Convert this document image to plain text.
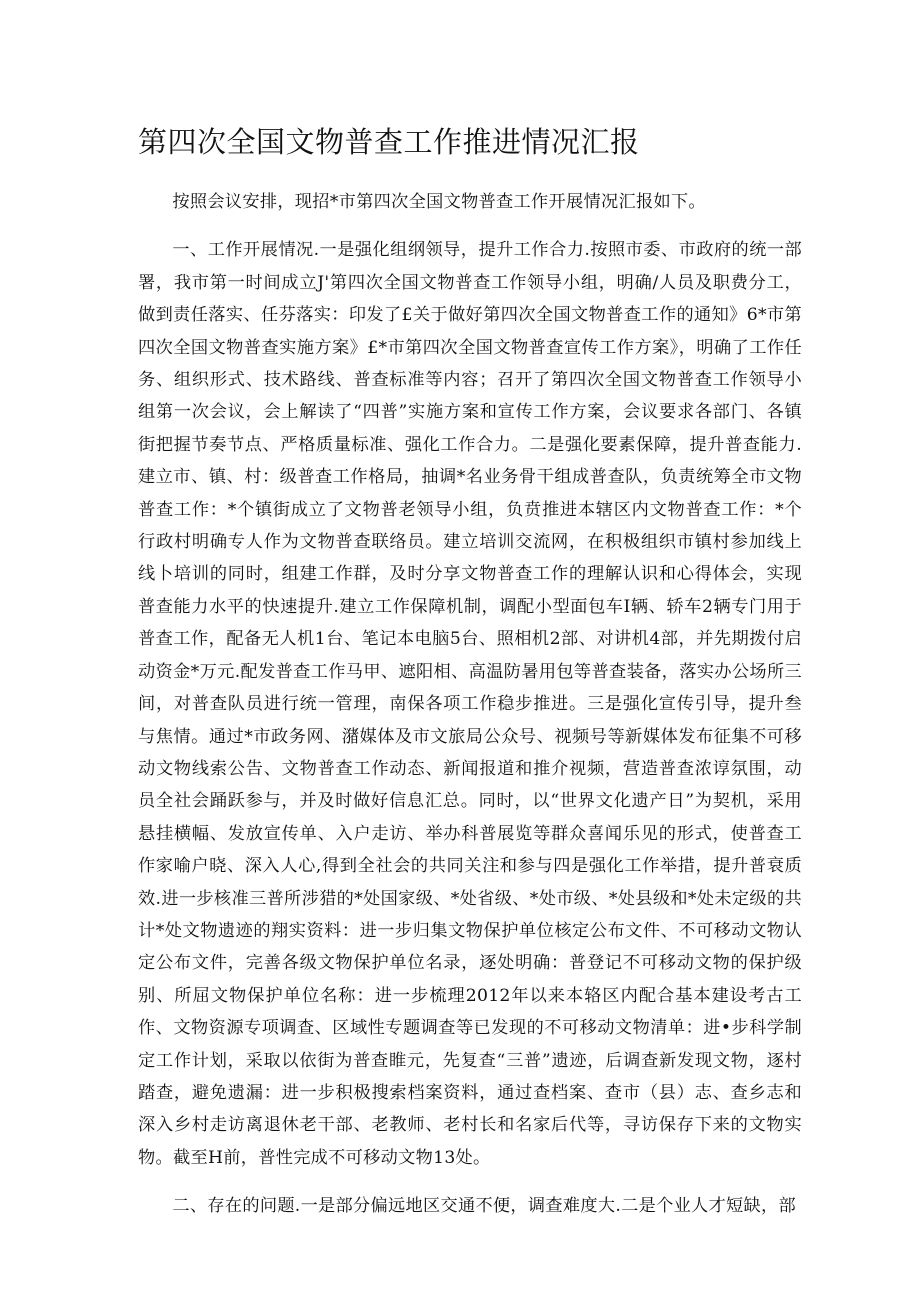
第四次全国文物普查工作推进情况汇报

按照会议安排，现招*市第四次全国文物普查工作开展情况汇报如下。

一、工作开展情况.一是强化组纲领导，提升工作合力.按照市委、市政府的统一部署，我市第一时间成立J'第四次全国文物普查工作领导小组，明确/人员及职费分工，做到责任落实、任芬落实：印发了£关于做好第四次全国文物普查工作的通知》6*市第四次全国文物普查实施方案》£*市第四次全国文物普查宣传工作方案》，明确了工作任务、组织形式、技术路线、普查标准等内容；召开了第四次全国文物普查工作领导小组第一次会议，会上解读了“四普”实施方案和宣传工作方案，会议要求各部门、各镇街把握节奏节点、严格质量标准、强化工作合力。二是强化要素保障，提升普查能力.建立市、镇、村：级普查工作格局，抽调*名业务骨干组成普查队，负责统筹全市文物普查工作：*个镇街成立了文物普老领导小组，负贲推进本辖区内文物普查工作：*个行政村明确专人作为文物普查联络员。建立培训交流网，在积极组织市镇村参加线上线卜培训的同时，组建工作群，及时分享文物普查工作的理解认识和心得体会，实现普查能力水平的快速提升.建立工作保障机制，调配小型面包车I辆、轿车2辆专门用于普查工作，配备无人机1台、笔记本电脑5台、照相机2部、对讲机4部，并先期拨付启动资金*万元.配发普查工作马甲、遮阳相、高温防暑用包等普查装备，落实办公场所三间，对普查队员进行统一管理，南保各项工作稳步推进。三是强化宣传引导，提升叁与焦情。通过*市政务网、潴媒体及市文旅局公众号、视频号等新媒体发布征集不可移动文物线索公告、文物普查工作动态、新闻报道和推介视频，营造普查浓谆氛围，动员全社会踊跃参与，并及时做好信息汇总。同时，以“世界文化遗产日”为契机，采用悬挂横幅、发放宣传单、入户走访、举办科普展览等群众喜闻乐见的形式，使普查工作家喻户晓、深入人心,得到全社会的共同关注和参与四是强化工作举措，提升普衰质效.进一步核准三普所涉猎的*处国家级、*处省级、*处市级、*处县级和*处未定级的共计*处文物遗迹的翔实资料：进一步归集文物保护单位核定公布文件、不可移动文物认定公布文件，完善各级文物保护单位名录，逐处明确：普登记不可移动文物的保护级别、所屈文物保护单位名称：进一步梳理2012年以来本辂区内配合基本建设考古工作、文物资源专项调查、区域性专题调查等已发现的不可移动文物清单：进•步科学制定工作计划，采取以依街为普查睢元，先复查“三普”遗迹，后调查新发现文物，逐村踏查，避免遗漏：进一步积极搜索档案资料，通过查档案、查市（县）志、查乡志和深入乡村走访离退休老干部、老教师、老村长和名家后代等，寻访保存下来的文物实物。截至H前，普性完成不可移动文物13处。

二、存在的问题.一是部分偏远地区交通不便，调查难度大.二是个业人才短缺，部
